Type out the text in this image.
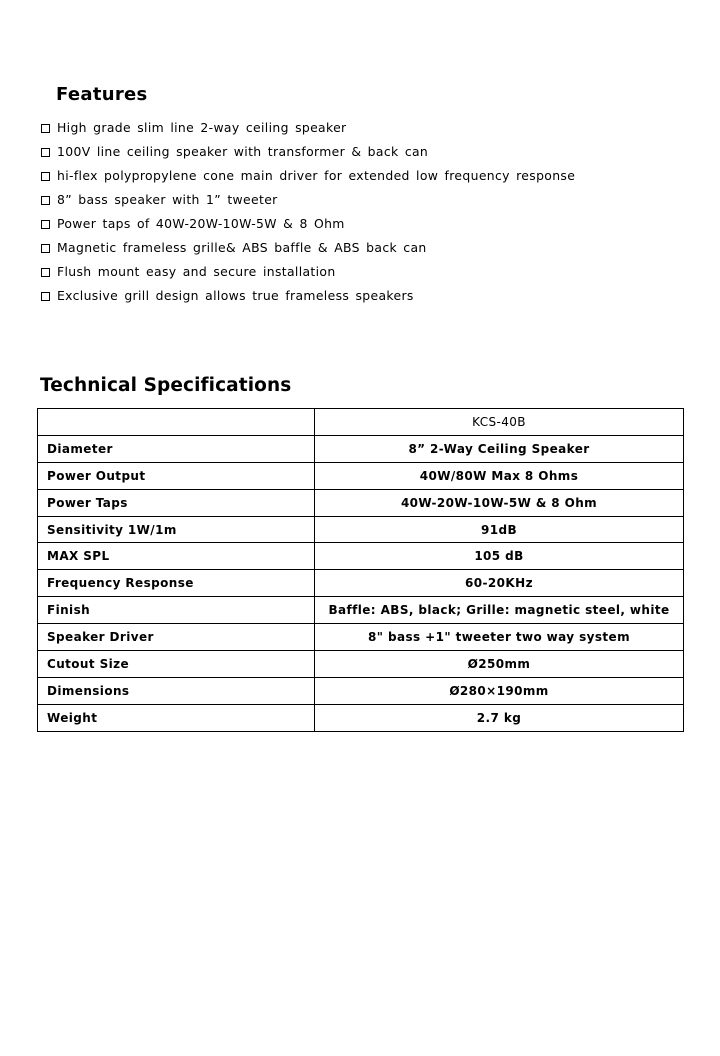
Features
High grade slim line 2-way ceiling speaker
100V line ceiling speaker with transformer & back can
hi-flex polypropylene cone main driver for extended low frequency response
8” bass speaker with 1” tweeter
Power taps of 40W-20W-10W-5W & 8 Ohm
Magnetic frameless grille& ABS baffle & ABS back can
Flush mount easy and secure installation
Exclusive grill design allows true frameless speakers
Technical Specifications
	KCS-40B
Diameter	8” 2-Way Ceiling Speaker
Power Output	40W/80W Max 8 Ohms
Power Taps	40W-20W-10W-5W & 8 Ohm
Sensitivity 1W/1m	91dB
MAX SPL	105 dB
Frequency Response	60-20KHz
Finish	Baffle: ABS, black; Grille: magnetic steel, white
Speaker Driver	8" bass +1" tweeter two way system
Cutout Size	Ø250mm
Dimensions	Ø280×190mm
Weight	2.7 kg
